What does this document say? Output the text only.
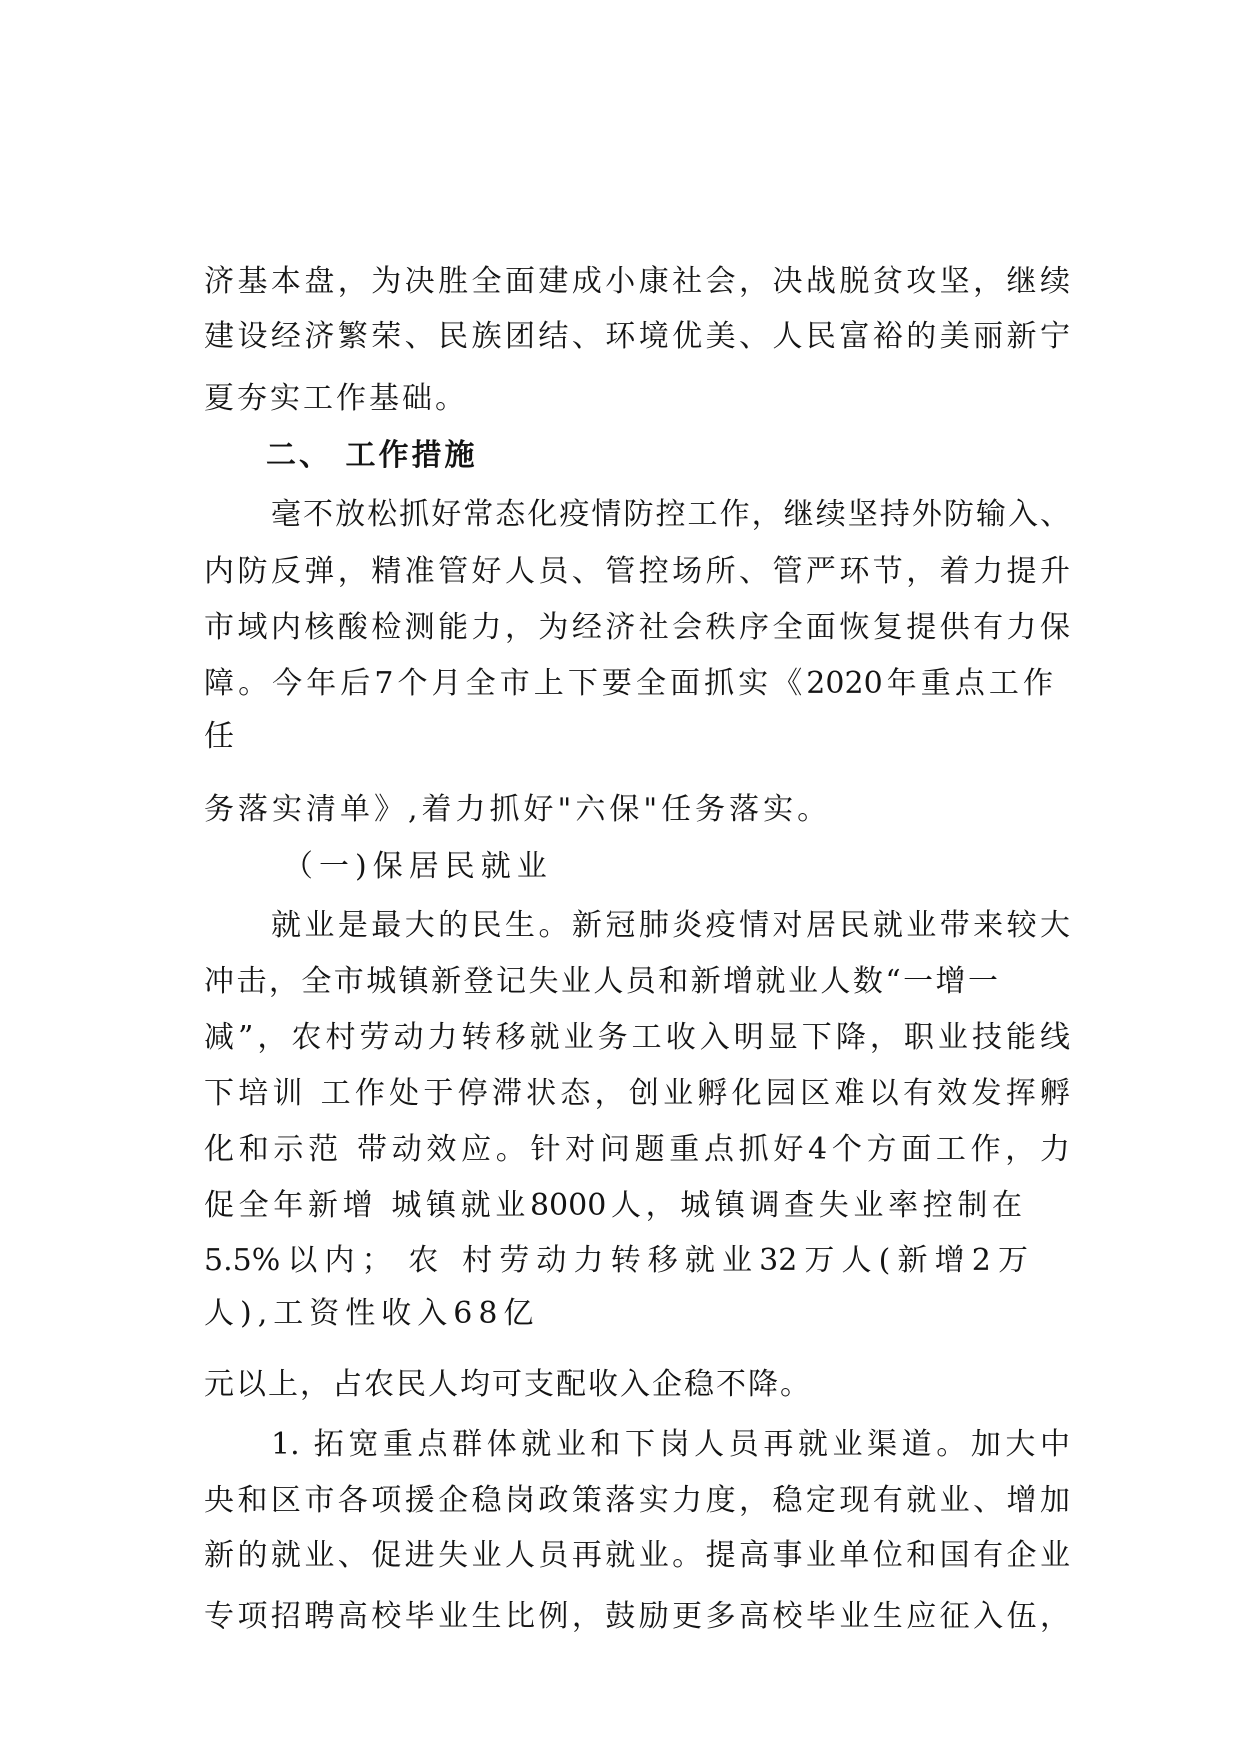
济基本盘，为决胜全面建成小康社会，决战脱贫攻坚，继续
建设经济繁荣、民族团结、环境优美、人民富裕的美丽新宁
夏夯实工作基础。
二、 工作措施
毫不放松抓好常态化疫情防控工作，继续坚持外防输入、
内防反弹，精准管好人员、管控场所、管严环节，着力提升
市域内核酸检测能力，为经济社会秩序全面恢复提供有力保
障。今年后7个月全市上下要全面抓实《2020年重点工作
任
务落实清单》,着力抓好"六保"任务落实。
（一)保居民就业
就业是最大的民生。新冠肺炎疫情对居民就业带来较大
冲击，全市城镇新登记失业人员和新增就业人数“一增一
减”，农村劳动力转移就业务工收入明显下降，职业技能线
下培训 工作处于停滞状态，创业孵化园区难以有效发挥孵
化和示范 带动效应。针对问题重点抓好4个方面工作，力
促全年新增 城镇就业8000人，城镇调查失业率控制在
5.5%以内； 农 村劳动力转移就业32万人(新增2万
人),工资性收入68亿
元以上，占农民人均可支配收入企稳不降。
1. 拓宽重点群体就业和下岗人员再就业渠道。加大中
央和区市各项援企稳岗政策落实力度，稳定现有就业、增加
新的就业、促进失业人员再就业。提高事业单位和国有企业
专项招聘高校毕业生比例，鼓励更多高校毕业生应征入伍，
